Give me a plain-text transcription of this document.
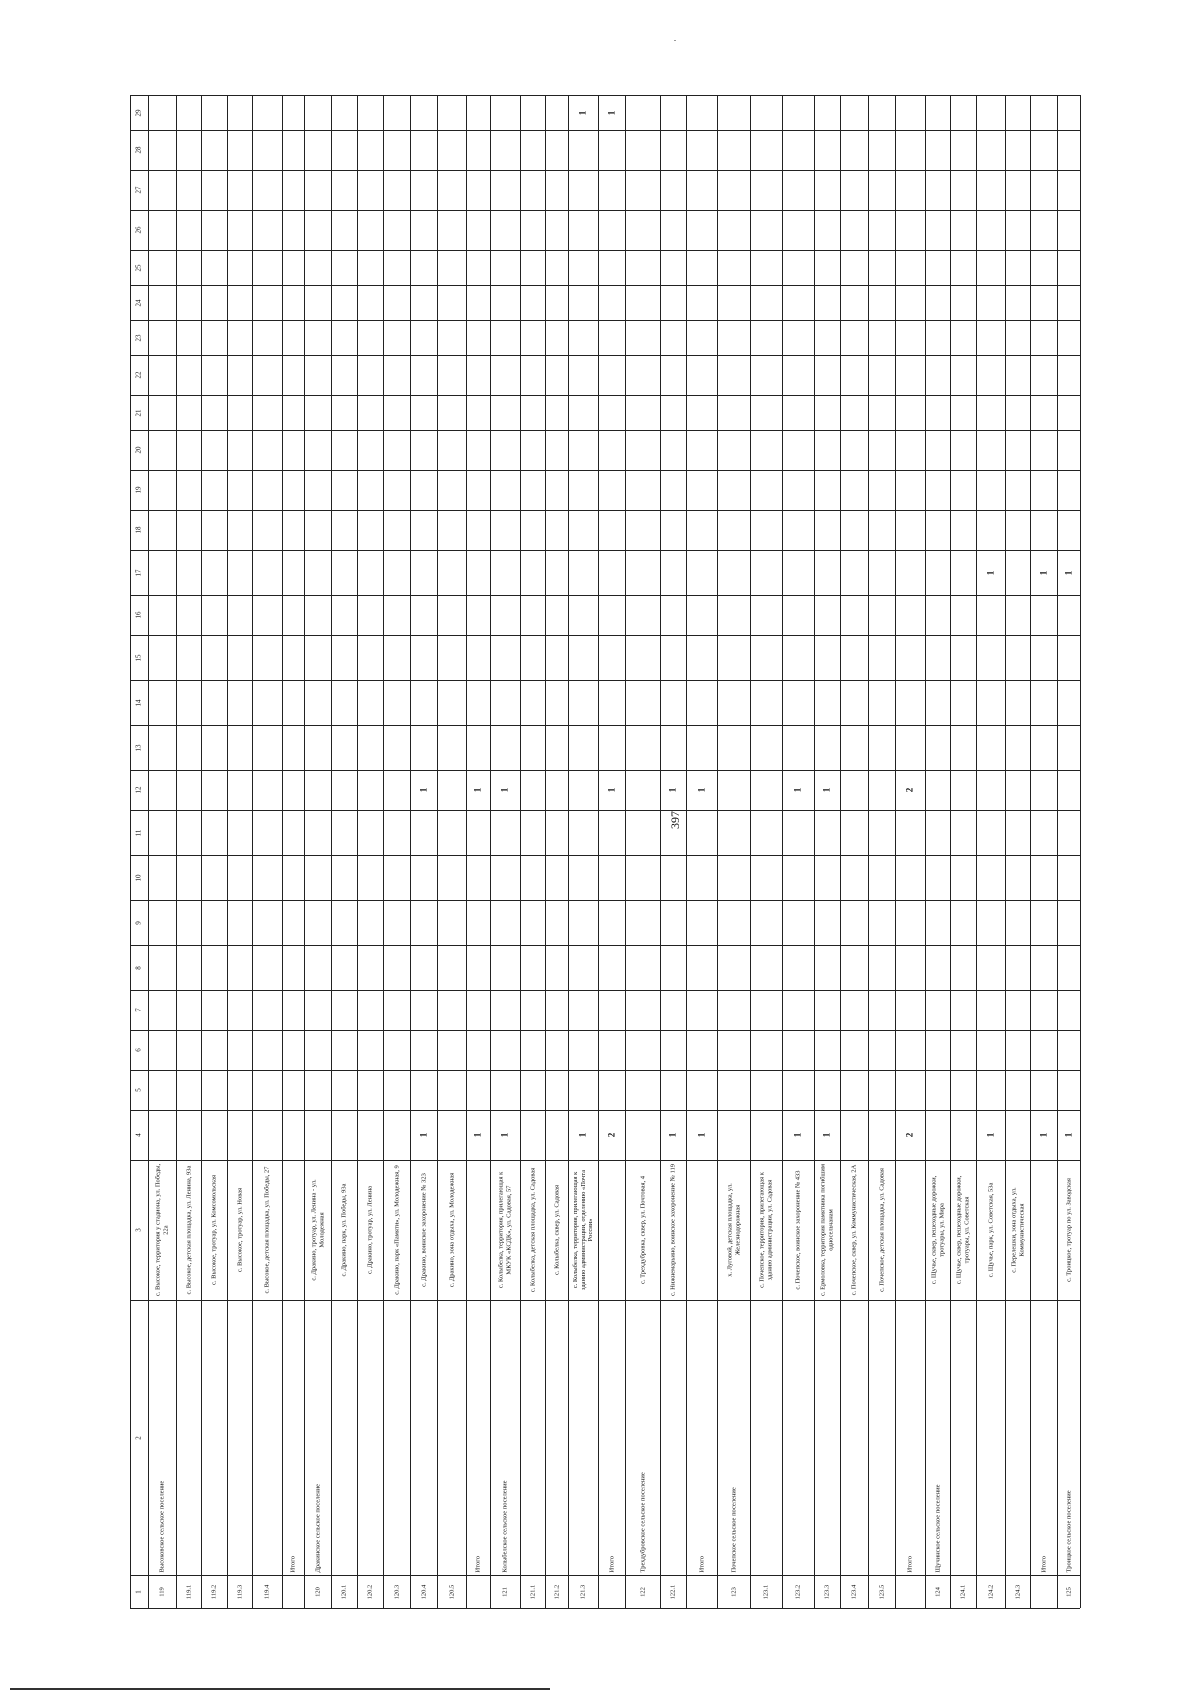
397
1
2
3
4
5
6
7
8
9
10
11
12
13
14
15
16
17
18
19
20
21
22
23
24
25
26
27
28
29
119
Высоковское сельское поселение
с. Высокое, территория у стадиона, ул. Победы, 22а
119.1
с. Высокое, детская площадка, ул. Ленина, 93а
119.2
с. Высокое, тротуар, ул. Комсомольская
119.3
с. Высокое, тротуар, ул. Новая
119.4
с. Высокое, детская площадка, ул. Победы, 27
Итого
120
Дракинское сельское поселение
с. Дракино, тротуар, ул. Ленина - ул. Молодежная
120.1
с. Дракино, парк, ул. Победы, 93а
120.2
с. Дракино, тротуар, ул. Ленина
120.3
с. Дракино, парк «Памяти», ул. Молодежная, 9
120.4
с. Дракино, воинское захоронение № 323
1
1
120.5
с. Дракино, зона отдыха, ул. Молодежная
Итого
1
1
121
Колыбелское сельское поселение
с. Колыбелка, территория, прилегающая к МКУК «КСДК», ул. Садовая, 57
1
1
121.1
с. Колыбелка, детская площадка, ул. Садовая
121.2
с. Колыбелка, сквер, ул. Садовая
121.3
с. Колыбелка, территория, прилегающая к зданию администрации, отделению «Почта России»
1
1
Итого
2
1
1
122
Трехдубровское сельское поселение
с. Трехдубровка, сквер, ул. Почтовая, 4
122.1
с. Нижнемарьино, воинское захоронение № 119
1
1
Итого
1
1
123
Почепское сельское поселение
х. Луговой, детская площадка, ул. Железнодорожная
123.1
с. Почепское, территория, прилегающая к зданию администрации, ул. Садовая
123.2
с. Почепское, воинское захоронение № 433
1
1
123.3
с. Ермоловка, территория памятника погибшим односельчанам
1
1
123.4
с. Почепское, сквер, ул. Коммунистическая, 2А
123.5
с. Почепское, детская площадка, ул. Садовая
Итого
2
2
124
Щучинское сельское поселение
с. Щучье, сквер, пешеходные дорожки, тротуары, ул. Мира
124.1
с. Щучье, сквер, пешеходные дорожки, тротуары, ул. Советская
124.2
с. Щучье, парк, ул. Советская, 53а
1
1
124.3
с. Перелешки, зона отдыха, ул. Коммунистическая
Итого
1
1
125
Троицкое сельское поселение
с. Троицкое, тротуар по ул. Заводская
1
1
